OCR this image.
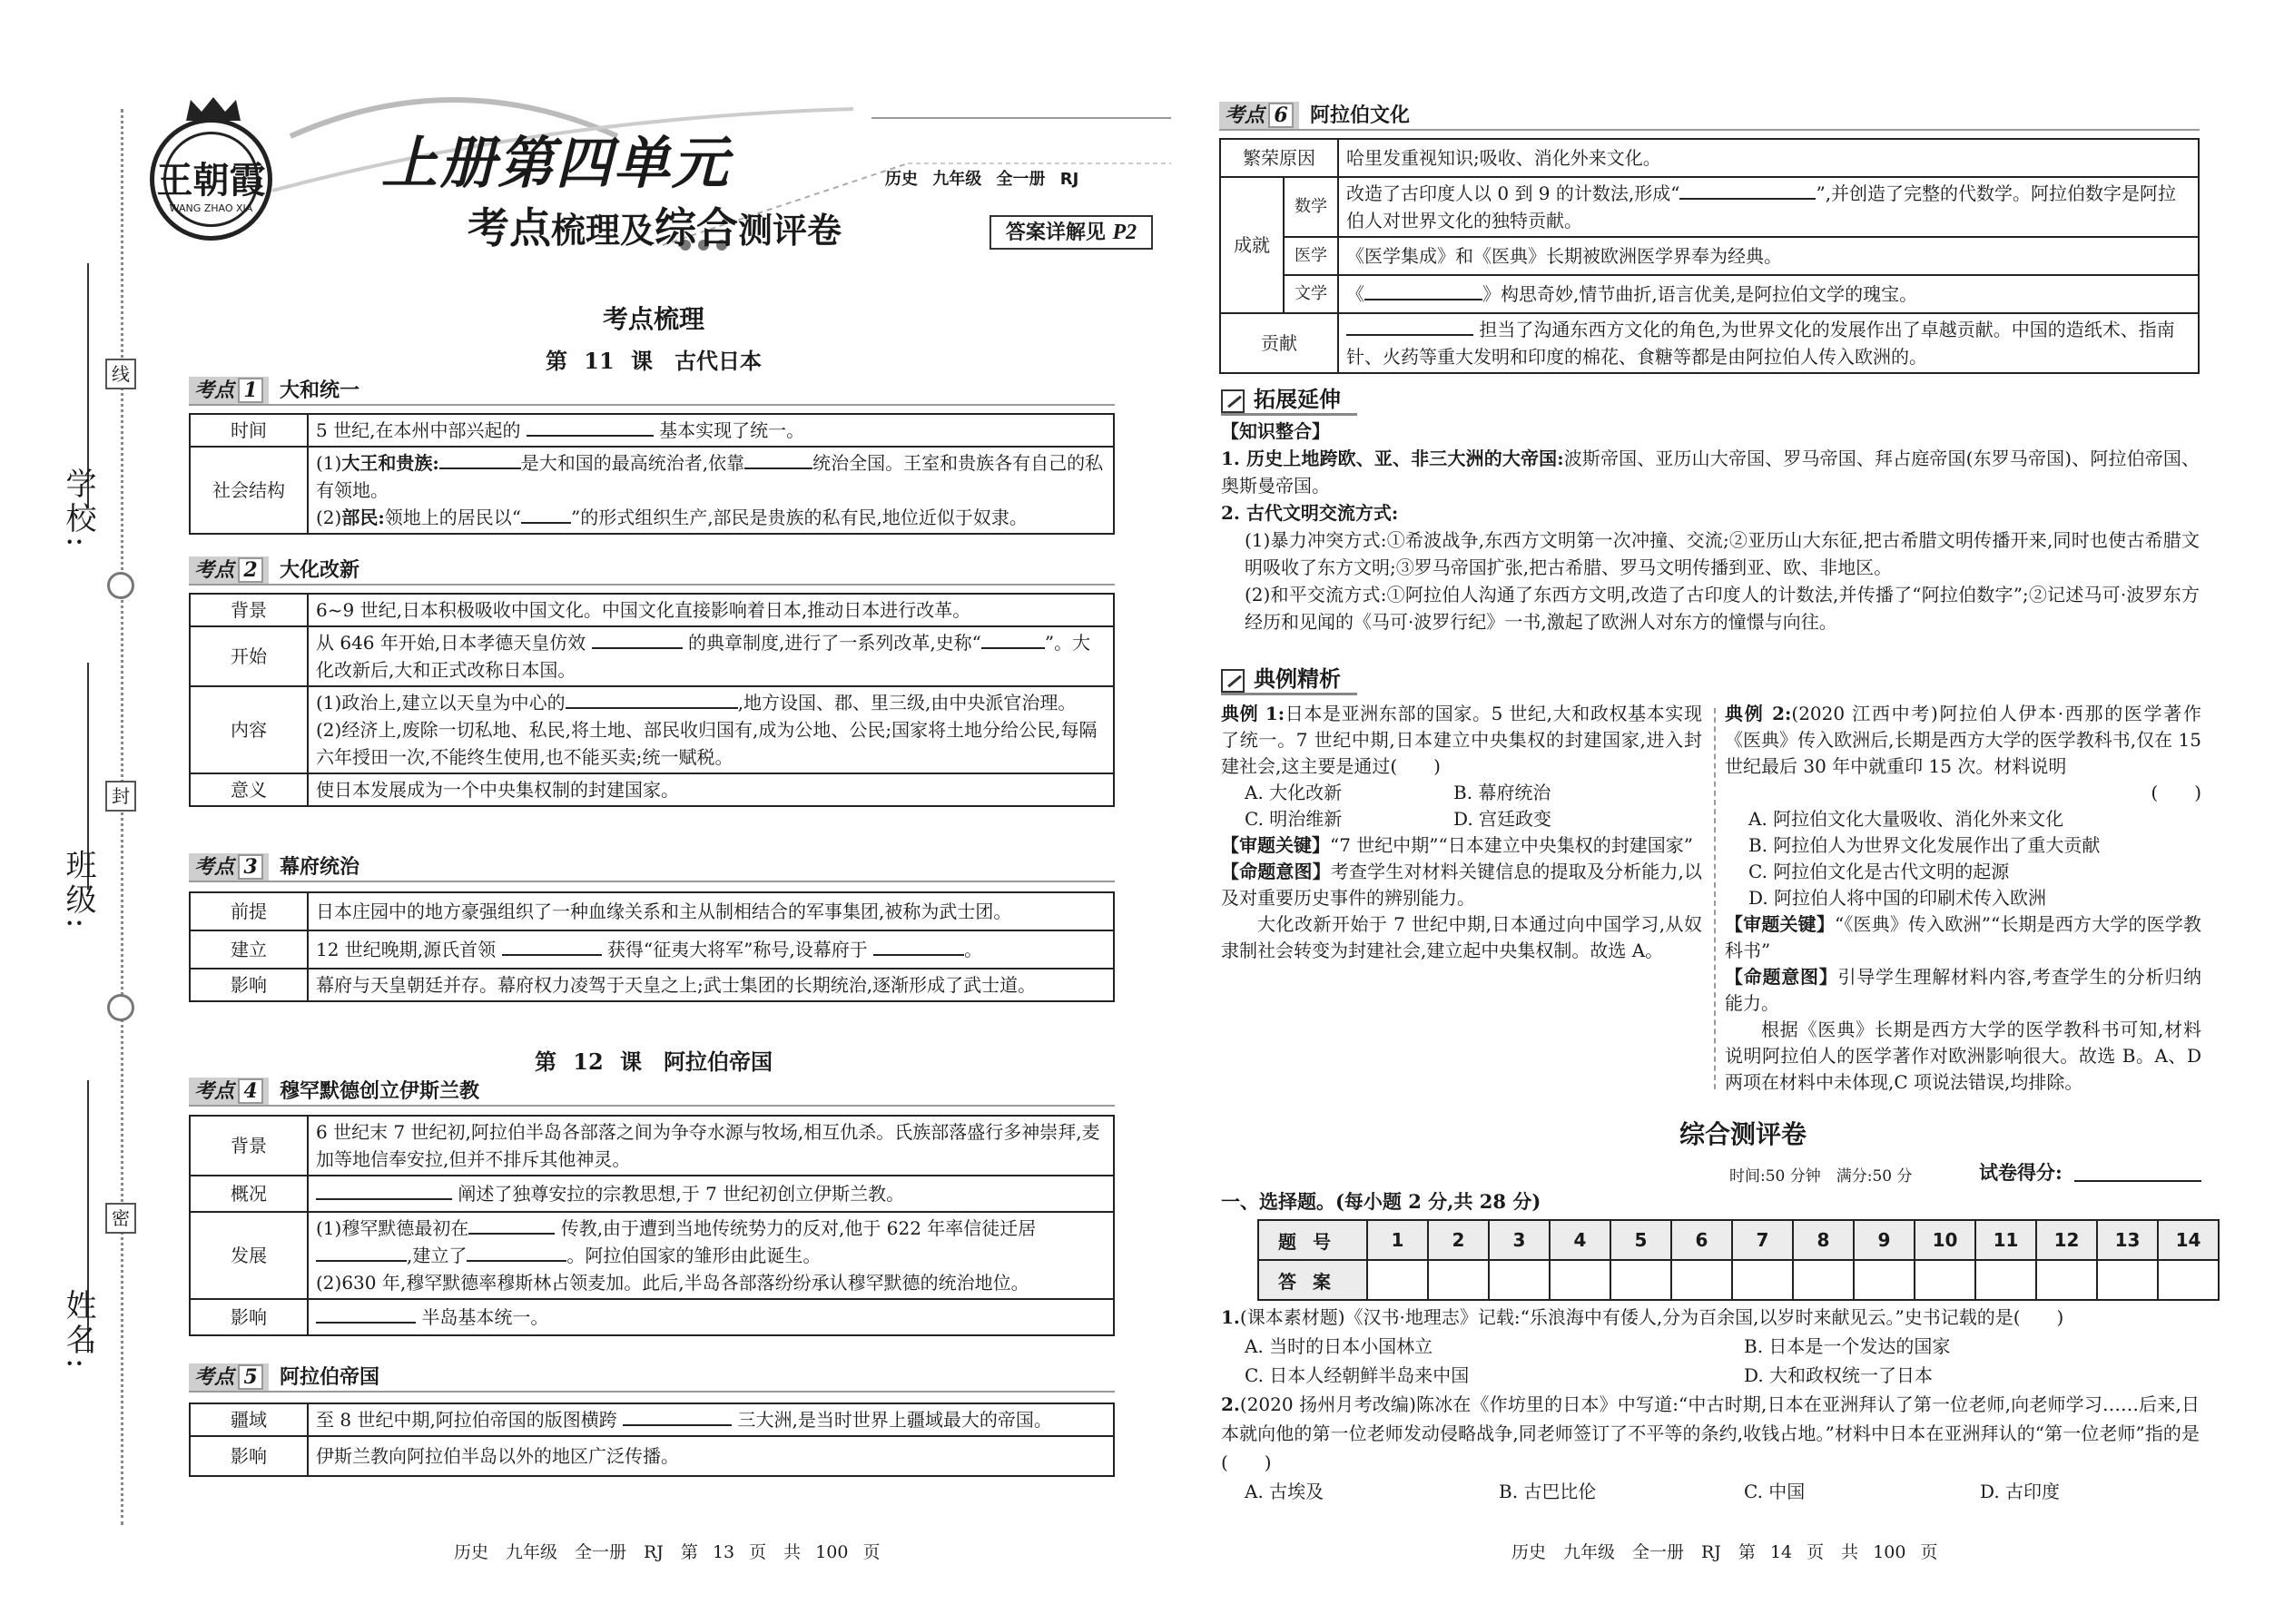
学校:
班级:
姓名:
线
封
密
王朝霞
WANG ZHAO XIA
上册第四单元
考点梳理及综合测评卷
历史 九年级 全一册 RJ
答案详解见 P2
考点梳理
第 11 课　古代日本
考点 1 大和统一
时间	5 世纪,在本州中部兴起的 基本实现了统一。
社会结构	(1)大王和贵族: 是大和国的最高统治者,依靠 统治全国。王室和贵族各有自己的私有领地。
(2)部民:领地上的居民以“ ”的形式组织生产,部民是贵族的私有民,地位近似于奴隶。
考点 2 大化改新
背景	6~9 世纪,日本积极吸收中国文化。中国文化直接影响着日本,推动日本进行改革。
开始	从 646 年开始,日本孝德天皇仿效 的典章制度,进行了一系列改革,史称“ ”。大化改新后,大和正式改称日本国。
内容	(1)政治上,建立以天皇为中心的 ,地方设国、郡、里三级,由中央派官治理。
(2)经济上,废除一切私地、私民,将土地、部民收归国有,成为公地、公民;国家将土地分给公民,每隔六年授田一次,不能终生使用,也不能买卖;统一赋税。
意义	使日本发展成为一个中央集权制的封建国家。
考点 3 幕府统治
前提	日本庄园中的地方豪强组织了一种血缘关系和主从制相结合的军事集团,被称为武士团。
建立	12 世纪晚期,源氏首领 获得“征夷大将军”称号,设幕府于 。
影响	幕府与天皇朝廷并存。幕府权力凌驾于天皇之上;武士集团的长期统治,逐渐形成了武士道。
第 12 课　阿拉伯帝国
考点 4 穆罕默德创立伊斯兰教
背景	6 世纪末 7 世纪初,阿拉伯半岛各部落之间为争夺水源与牧场,相互仇杀。氏族部落盛行多神崇拜,麦加等地信奉安拉,但并不排斥其他神灵。
概况	阐述了独尊安拉的宗教思想,于 7 世纪初创立伊斯兰教。
发展	(1)穆罕默德最初在 传教,由于遭到当地传统势力的反对,他于 622 年率信徒迁居,建立了 。阿拉伯国家的雏形由此诞生。
(2)630 年,穆罕默德率穆斯林占领麦加。此后,半岛各部落纷纷承认穆罕默德的统治地位。
影响	半岛基本统一。
考点 5 阿拉伯帝国
疆域	至 8 世纪中期,阿拉伯帝国的版图横跨 三大洲,是当时世界上疆域最大的帝国。
影响	伊斯兰教向阿拉伯半岛以外的地区广泛传播。
历史　九年级　全一册　RJ　第 13 页　共 100 页
考点 6 阿拉伯文化
繁荣原因		哈里发重视知识;吸收、消化外来文化。
成就	数学	改造了古印度人以 0 到 9 的计数法,形成“ ”,并创造了完整的代数学。阿拉伯数字是阿拉伯人对世界文化的独特贡献。
	医学	《医学集成》和《医典》长期被欧洲医学界奉为经典。
	文学	《 》构思奇妙,情节曲折,语言优美,是阿拉伯文学的瑰宝。
贡献		担当了沟通东西方文化的角色,为世界文化的发展作出了卓越贡献。中国的造纸术、指南针、火药等重大发明和印度的棉花、食糖等都是由阿拉伯人传入欧洲的。
拓展延伸

【知识整合】

1. 历史上地跨欧、亚、非三大洲的大帝国:波斯帝国、亚历山大帝国、罗马帝国、拜占庭帝国(东罗马帝国)、阿拉伯帝国、奥斯曼帝国。

2. 古代文明交流方式:

(1)暴力冲突方式:①希波战争,东西方文明第一次冲撞、交流;②亚历山大东征,把古希腊文明传播开来,同时也使古希腊文明吸收了东方文明;③罗马帝国扩张,把古希腊、罗马文明传播到亚、欧、非地区。

(2)和平交流方式:①阿拉伯人沟通了东西方文明,改造了古印度人的计数法,并传播了“阿拉伯数字”;②记述马可·波罗东方经历和见闻的《马可·波罗行纪》一书,激起了欧洲人对东方的憧憬与向往。

典例精析

典例 1:日本是亚洲东部的国家。5 世纪,大和政权基本实现了统一。7 世纪中期,日本建立中央集权的封建国家,进入封建社会,这主要是通过(　　)

A. 大化改新	B. 幕府统治

C. 明治维新	D. 宫廷政变

【审题关键】“7 世纪中期”“日本建立中央集权的封建国家”

【命题意图】考查学生对材料关键信息的提取及分析能力,以及对重要历史事件的辨别能力。

大化改新开始于 7 世纪中期,日本通过向中国学习,从奴隶制社会转变为封建社会,建立起中央集权制。故选 A。

典例 2:(2020 江西中考)阿拉伯人伊本·西那的医学著作《医典》传入欧洲后,长期是西方大学的医学教科书,仅在 15 世纪最后 30 年中就重印 15 次。材料说明

(　　)

A. 阿拉伯文化大量吸收、消化外来文化

B. 阿拉伯人为世界文化发展作出了重大贡献

C. 阿拉伯文化是古代文明的起源

D. 阿拉伯人将中国的印刷术传入欧洲

【审题关键】“《医典》传入欧洲”“长期是西方大学的医学教科书”

【命题意图】引导学生理解材料内容,考查学生的分析归纳能力。

根据《医典》长期是西方大学的医学教科书可知,材料说明阿拉伯人的医学著作对欧洲影响很大。故选 B。A、D 两项在材料中未体现,C 项说法错误,均排除。

综合测评卷
时间:50 分钟　满分:50 分	试卷得分:
一、选择题。(每小题 2 分,共 28 分)
题号	1	2	3	4	5	6	7	8	9	10	11	12	13	14
答案														

1.(课本素材题)《汉书·地理志》记载:“乐浪海中有倭人,分为百余国,以岁时来献见云。”史书记载的是(　　)

A. 当时的日本小国林立	B. 日本是一个发达的国家

C. 日本人经朝鲜半岛来中国	D. 大和政权统一了日本

2.(2020 扬州月考改编)陈冰在《作坊里的日本》中写道:“中古时期,日本在亚洲拜认了第一位老师,向老师学习……后来,日本就向他的第一位老师发动侵略战争,同老师签订了不平等的条约,收钱占地。”材料中日本在亚洲拜认的“第一位老师”指的是(　　)

A. 古埃及	B. 古巴比伦	C. 中国	D. 古印度

历史　九年级　全一册　RJ　第 14 页　共 100 页
